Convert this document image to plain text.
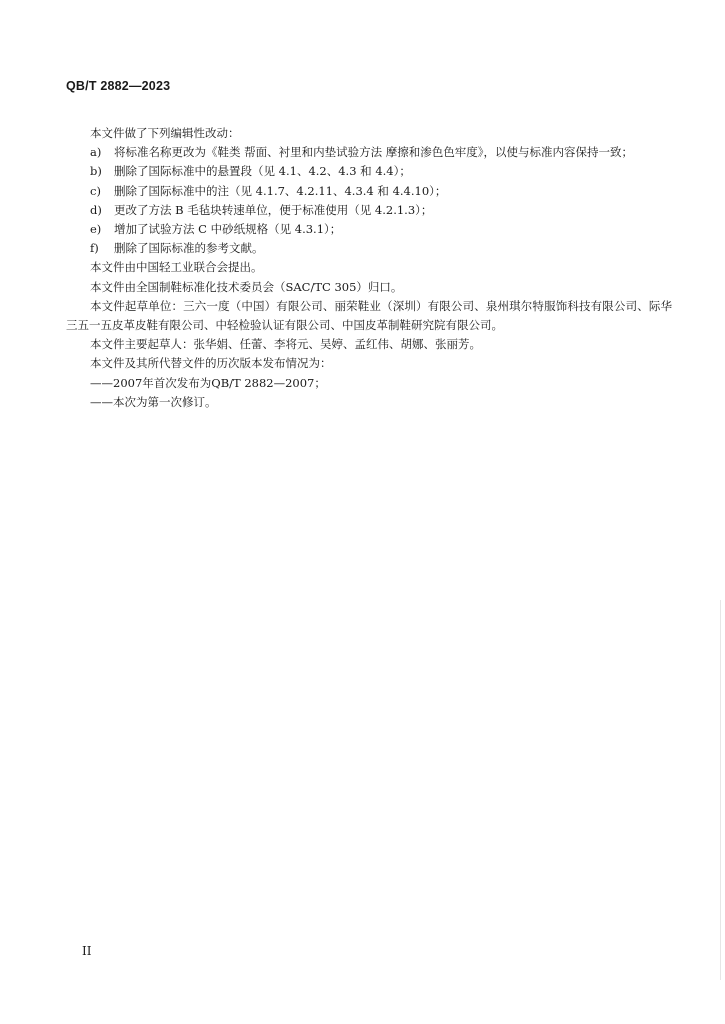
QB/T 2882—2023

本文件做了下列编辑性改动：

a)	将标准名称更改为《鞋类 帮面、衬里和内垫试验方法 摩擦和渗色色牢度》，以使与标准内容保持一致；
b)	删除了国际标准中的悬置段（见 4.1、4.2、4.3 和 4.4）；
c)	删除了国际标准中的注（见 4.1.7、4.2.11、4.3.4 和 4.4.10）；
d)	更改了方法 B 毛毡块转速单位，便于标准使用（见 4.2.1.3）；
e)	增加了试验方法 C 中砂纸规格（见 4.3.1）；
f)	删除了国际标准的参考文献。

本文件由中国轻工业联合会提出。

本文件由全国制鞋标准化技术委员会（SAC/TC 305）归口。

本文件起草单位：三六一度（中国）有限公司、丽荣鞋业（深圳）有限公司、泉州琪尔特服饰科技有限公司、际华三五一五皮革皮鞋有限公司、中轻检验认证有限公司、中国皮革制鞋研究院有限公司。

本文件主要起草人：张华娟、任蕾、李将元、吴婷、孟红伟、胡娜、张丽芳。

本文件及其所代替文件的历次版本发布情况为：

——2007年首次发布为QB/T 2882—2007；

——本次为第一次修订。

II
